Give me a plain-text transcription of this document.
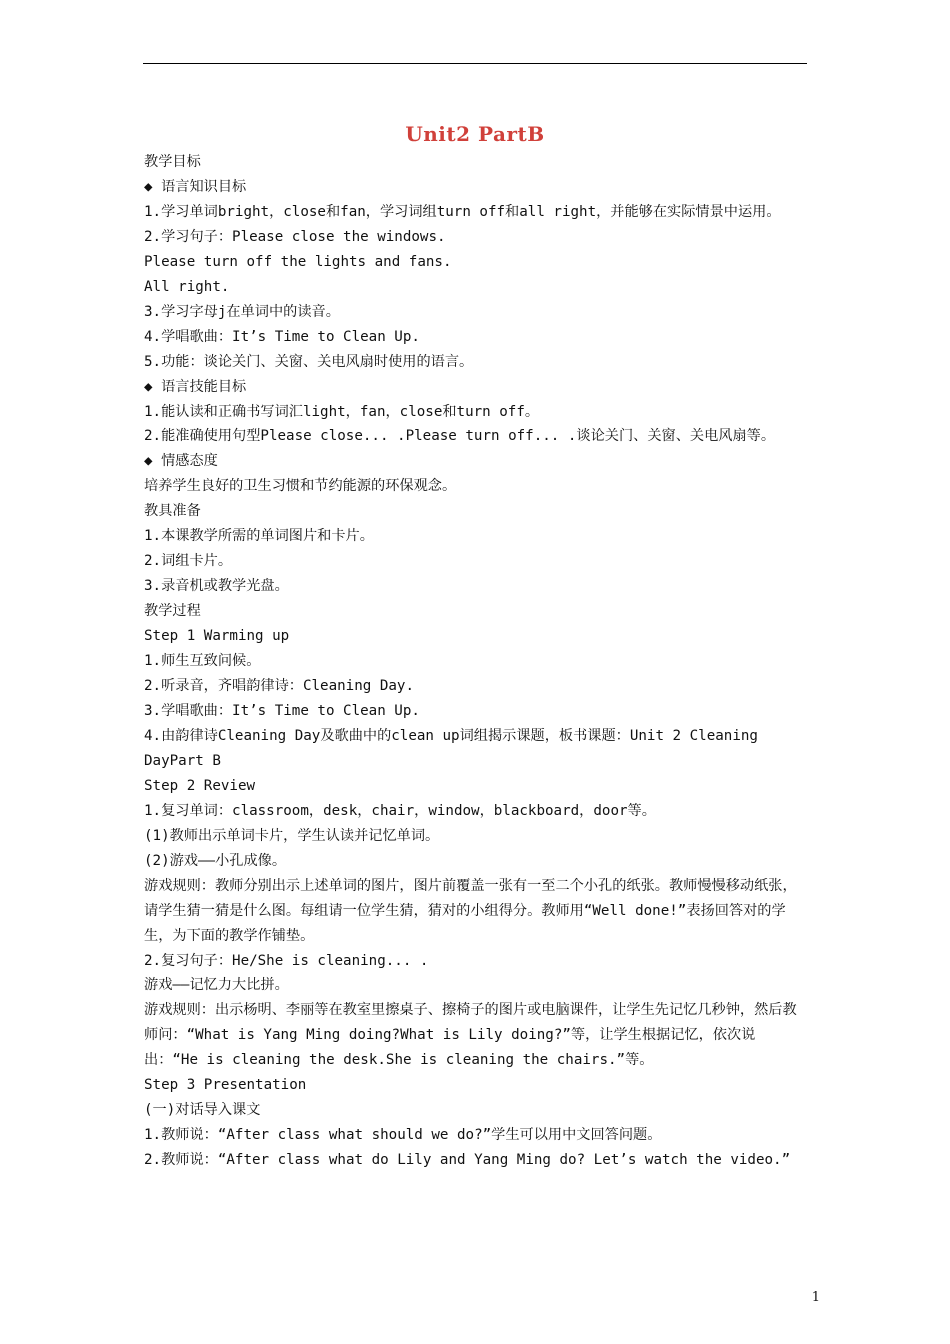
Unit2 PartB

教学目标

◆ 语言知识目标

1.学习单词bright，close和fan，学习词组turn off和all right，并能够在实际情景中运用。

2.学习句子：Please close the windows.

Please turn off the lights and fans.

All right.

3.学习字母j在单词中的读音。

4.学唱歌曲：It’s Time to Clean Up.

5.功能：谈论关门、关窗、关电风扇时使用的语言。

◆ 语言技能目标

1.能认读和正确书写词汇light，fan，close和turn off。

2.能准确使用句型Please close... .Please turn off... .谈论关门、关窗、关电风扇等。

◆ 情感态度

培养学生良好的卫生习惯和节约能源的环保观念。

教具准备

1.本课教学所需的单词图片和卡片。

2.词组卡片。

3.录音机或教学光盘。

教学过程

Step 1 Warming up

1.师生互致问候。

2.听录音，齐唱韵律诗：Cleaning Day.

3.学唱歌曲：It’s Time to Clean Up.

4.由韵律诗Cleaning Day及歌曲中的clean up词组揭示课题，板书课题：Unit 2 Cleaning DayPart B

Step 2 Review

1.复习单词：classroom，desk，chair，window，blackboard，door等。

(1)教师出示单词卡片，学生认读并记忆单词。

(2)游戏——小孔成像。

游戏规则：教师分别出示上述单词的图片，图片前覆盖一张有一至二个小孔的纸张。教师慢慢移动纸张，请学生猜一猜是什么图。每组请一位学生猜，猜对的小组得分。教师用“Well done!”表扬回答对的学生，为下面的教学作铺垫。

2.复习句子：He/She is cleaning... .

游戏——记忆力大比拼。

游戏规则：出示杨明、李丽等在教室里擦桌子、擦椅子的图片或电脑课件，让学生先记忆几秒钟，然后教师问：“What is Yang Ming doing?What is Lily doing?”等，让学生根据记忆，依次说出：“He is cleaning the desk.She is cleaning the chairs.”等。

Step 3 Presentation

(一)对话导入课文

1.教师说：“After class what should we do?”学生可以用中文回答问题。

2.教师说：“After class what do Lily and Yang Ming do? Let’s watch the video.”

1
